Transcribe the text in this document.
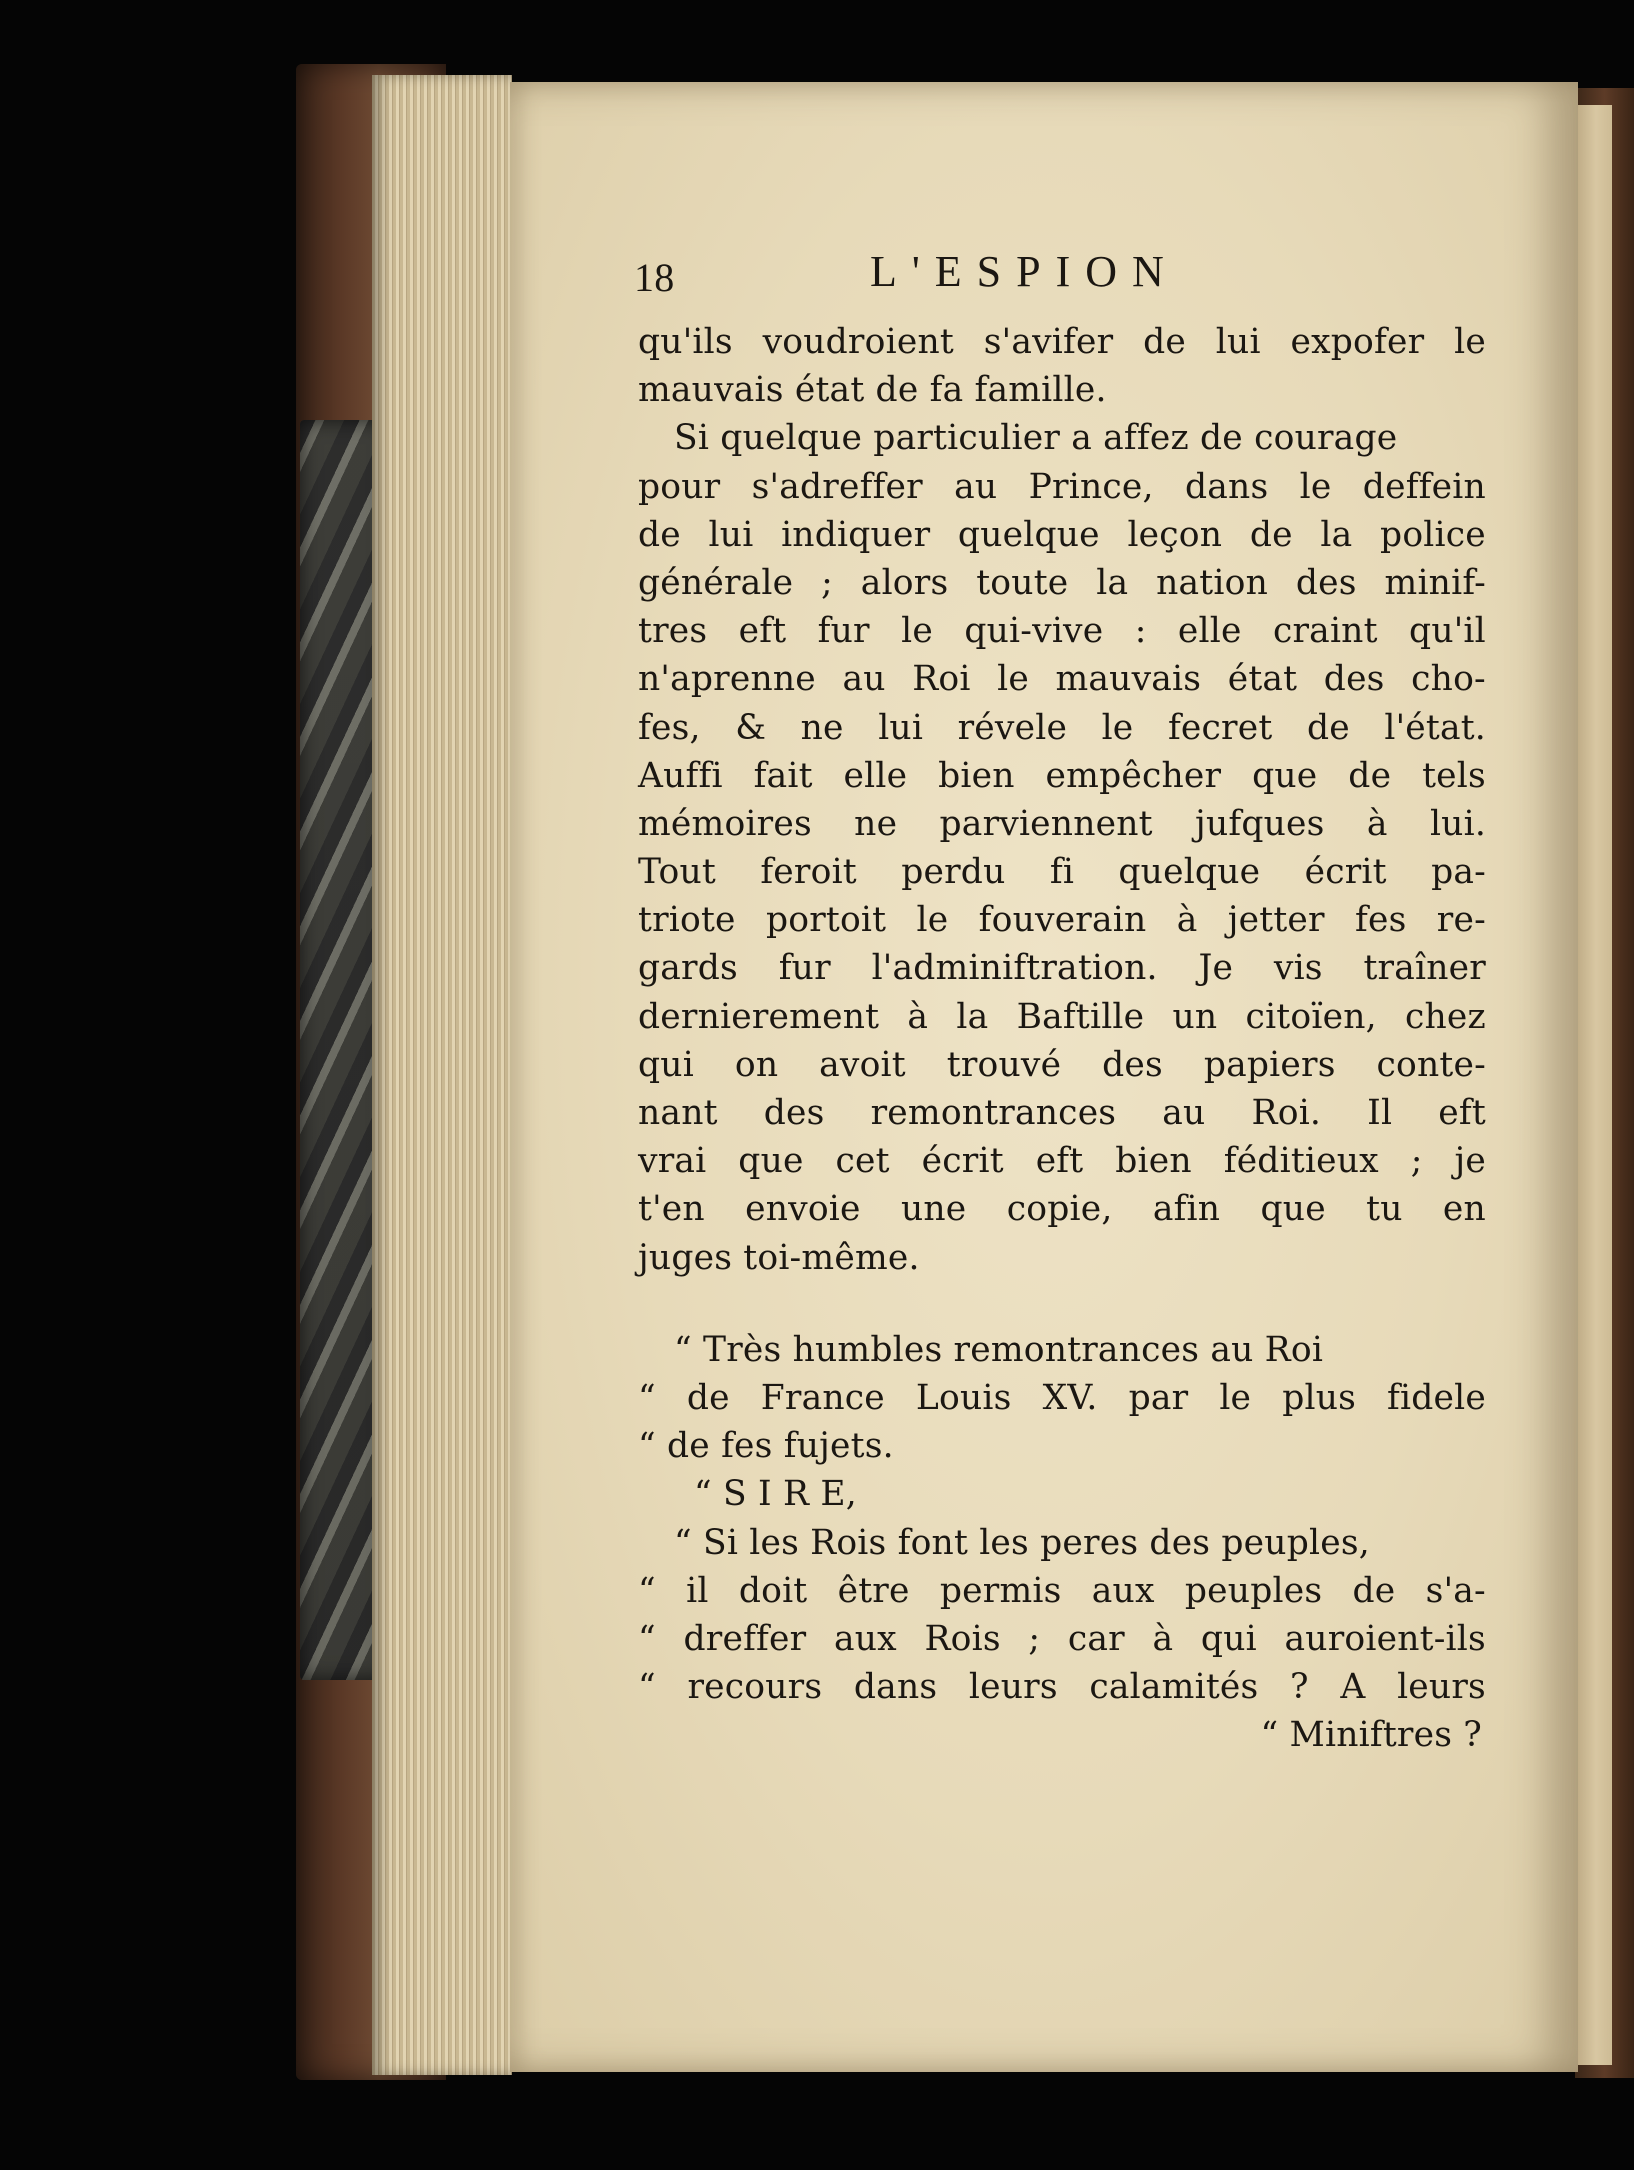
18	L'ESPION
qu'ils voudroient s'avifer de lui expofer le
mauvais état de fa famille.
Si quelque particulier a affez de courage
pour s'adreffer au Prince, dans le deffein
de lui indiquer quelque leçon de la police
générale ; alors toute la nation des minif-
tres eft fur le qui-vive : elle craint qu'il
n'aprenne au Roi le mauvais état des cho-
fes, & ne lui révele le fecret de l'état.
Auffi fait elle bien empêcher que de tels
mémoires ne parviennent jufques à lui.
Tout feroit perdu fi quelque écrit pa-
triote portoit le fouverain à jetter fes re-
gards fur l'adminiftration. Je vis traîner
dernierement à la Baftille un citoïen, chez
qui on avoit trouvé des papiers conte-
nant des remontrances au Roi. Il eft
vrai que cet écrit eft bien féditieux ; je
t'en envoie une copie, afin que tu en
juges toi-même.
“ Très humbles remontrances au Roi
“ de France Louis XV. par le plus fidele
“ de fes fujets.
“ S I R E,
“ Si les Rois font les peres des peuples,
“ il doit être permis aux peuples de s'a-
“ dreffer aux Rois ; car à qui auroient-ils
“ recours dans leurs calamités ? A leurs
“ Miniftres ?
